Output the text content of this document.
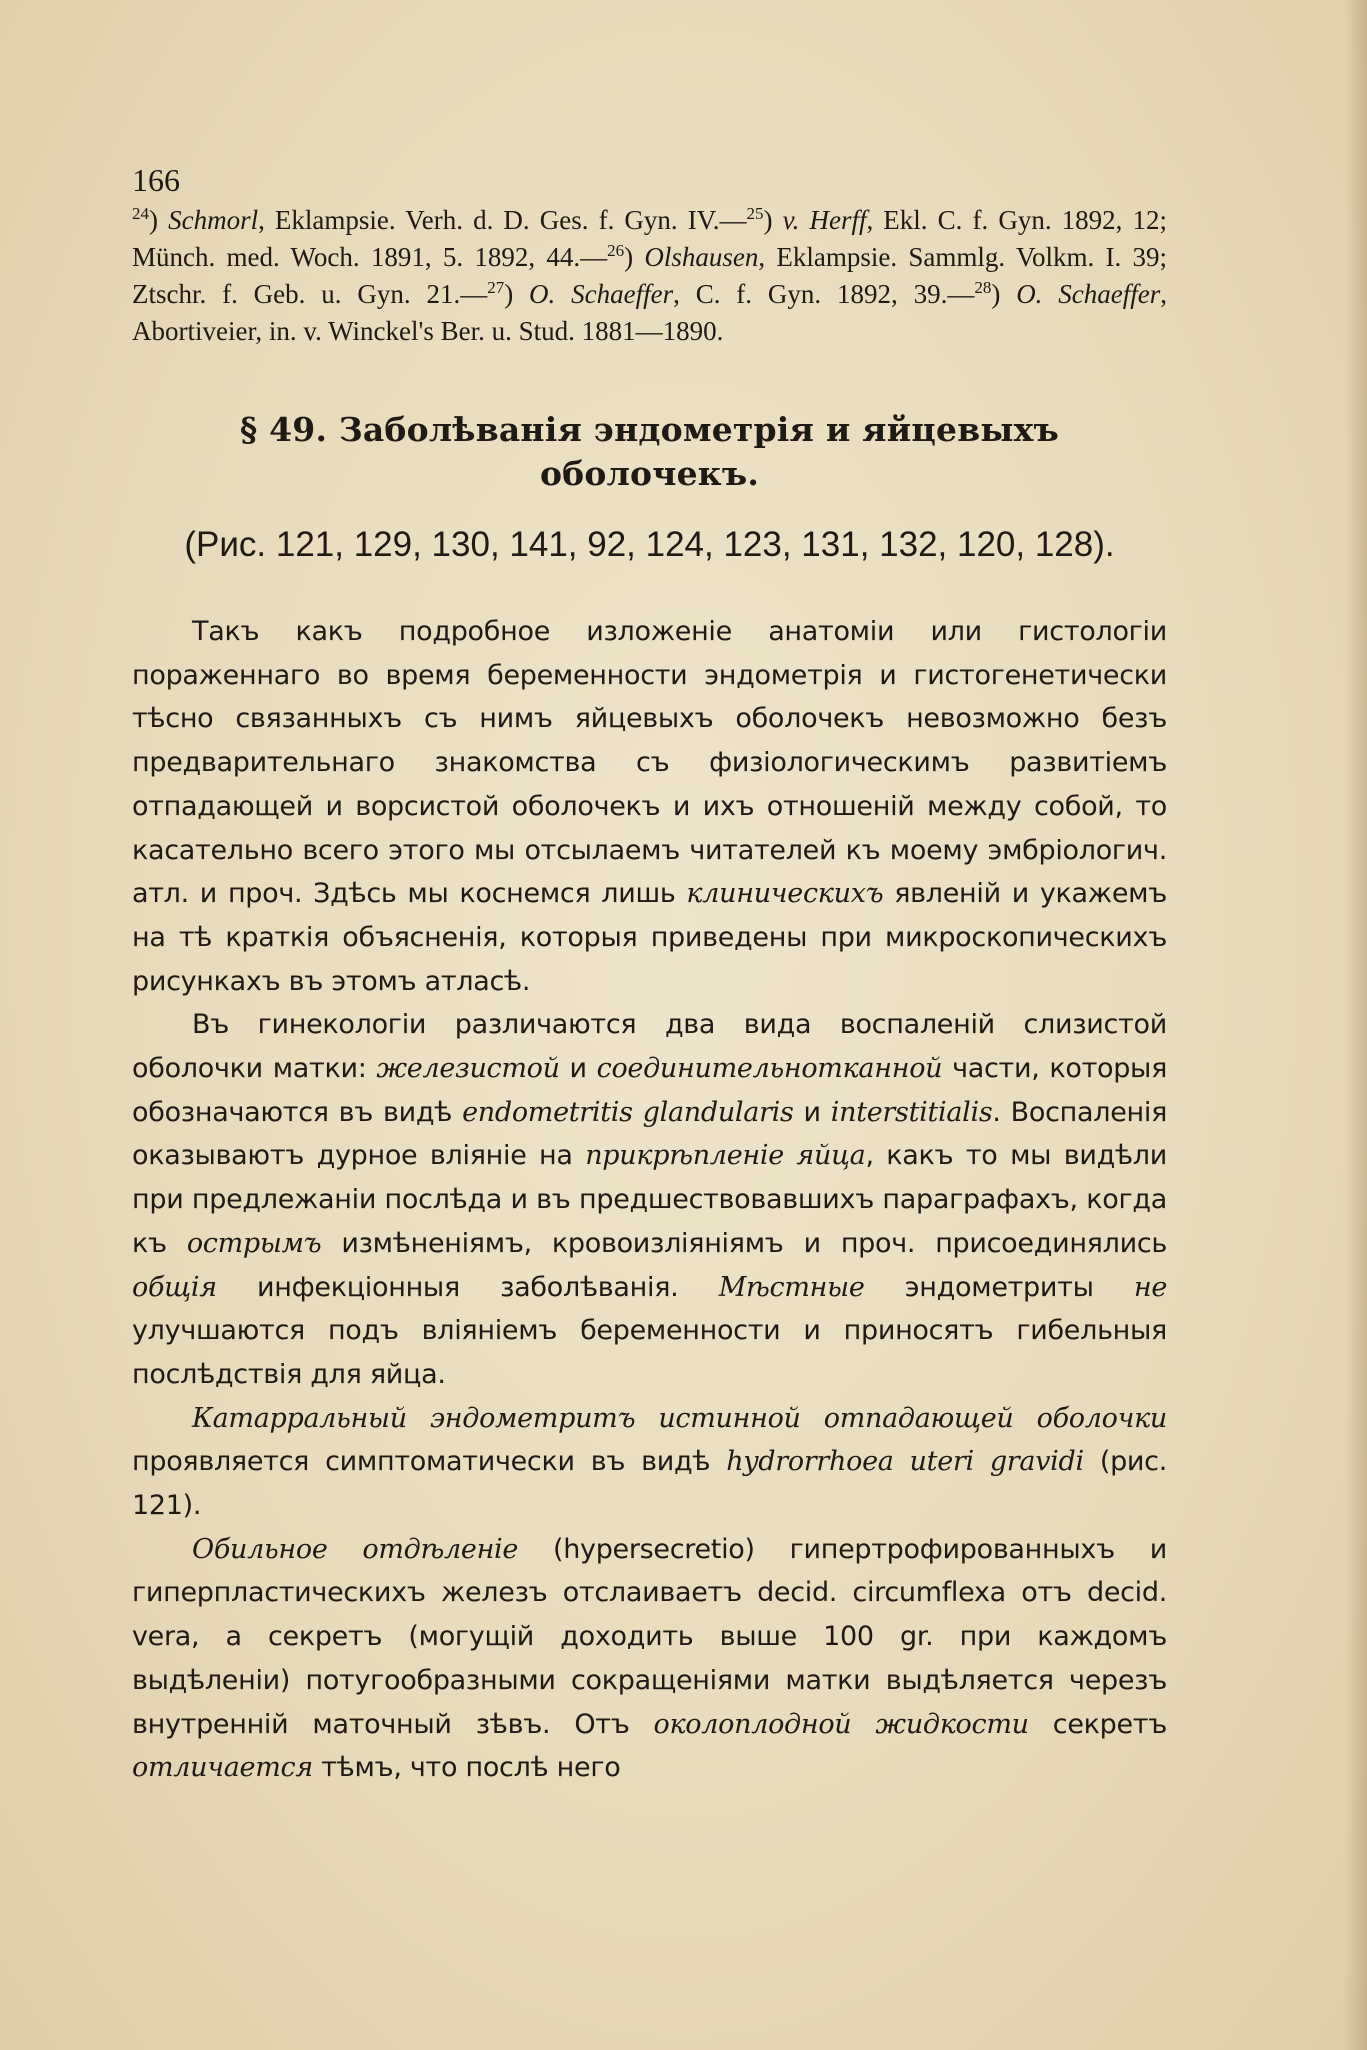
166

$^{24}$) Schmorl, Eklampsie. Verh. d. D. Ges. f. Gyn. IV.—$^{25}$) v. Herff, Ekl. C. f. Gyn. 1892, 12; Münch. med. Woch. 1891, 5. 1892, 44.—$^{26}$) Olshausen, Eklampsie. Sammlg. Volkm. I. 39; Ztschr. f. Geb. u. Gyn. 21.—$^{27}$) O. Schaeffer, C. f. Gyn. 1892, 39.—$^{28}$) O. Schaeffer, Abortiveier, in. v. Winckel's Ber. u. Stud. 1881—1890.

§ 49. Заболѣванія эндометрія и яйцевыхъ оболочекъ.
(Рис. 121, 129, 130, 141, 92, 124, 123, 131, 132, 120, 128).

Такъ какъ подробное изложеніе анатоміи или гистологіи пораженнаго во время беременности эндометрія и гистогенетически тѣсно связанныхъ съ нимъ яйцевыхъ оболочекъ невозможно безъ предварительнаго знакомства съ физіологическимъ развитіемъ отпадающей и ворсистой оболочекъ и ихъ отношеній между собой, то касательно всего этого мы отсылаемъ читателей къ моему эмбріологич. атл. и проч. Здѣсь мы коснемся лишь клиническихъ явленій и укажемъ на тѣ краткія объясненія, которыя приведены при микроскопическихъ рисункахъ въ этомъ атласѣ.

Въ гинекологіи различаются два вида воспаленій слизистой оболочки матки: железистой и соединительнотканной части, которыя обозначаются въ видѣ endometritis glandularis и interstitialis. Воспаленія оказываютъ дурное вліяніе на прикрѣпленіе яйца, какъ то мы видѣли при предлежаніи послѣда и въ предшествовавшихъ параграфахъ, когда къ острымъ измѣненіямъ, кровоизліяніямъ и проч. присоединялись общія инфекціонныя заболѣванія. Мѣстные эндометриты не улучшаются подъ вліяніемъ беременности и приносятъ гибельныя послѣдствія для яйца.

Катарральный эндометритъ истинной отпадающей оболочки проявляется симптоматически въ видѣ hydrorrhoea uteri gravidi (рис. 121).

Обильное отдѣленіе (hypersecretio) гипертрофированныхъ и гиперпластическихъ железъ отслаиваетъ decid. circumflexa отъ decid. vera, а секретъ (могущій доходить выше 100 gr. при каждомъ выдѣленіи) потугообразными сокращеніями матки выдѣляется черезъ внутренній маточный зѣвъ. Отъ околоплодной жидкости секретъ отличается тѣмъ, что послѣ него
